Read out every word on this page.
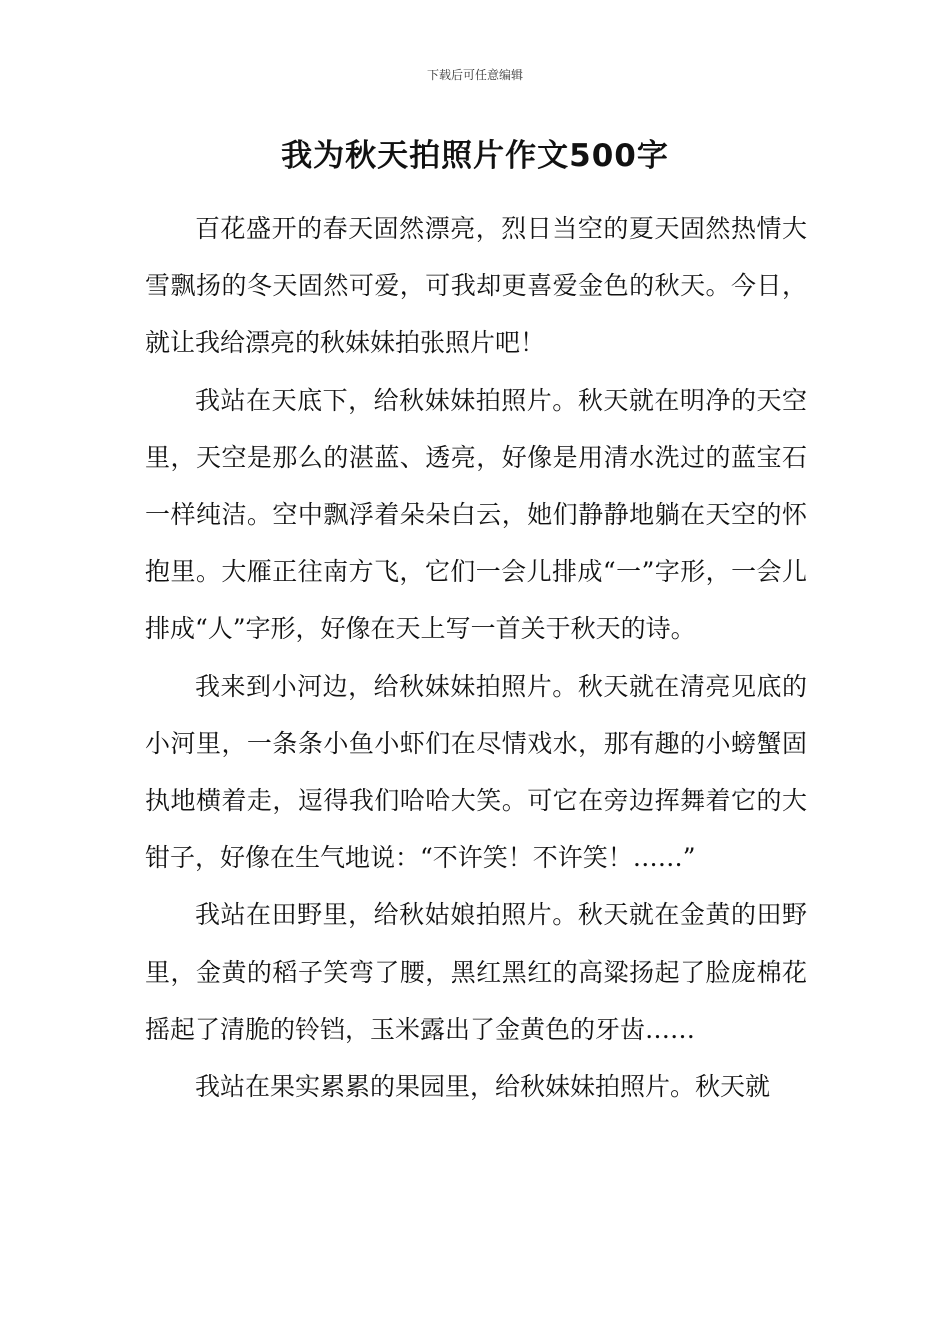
下载后可任意编辑
我为秋天拍照片作文500字

百花盛开的春天固然漂亮，烈日当空的夏天固然热情大雪飘扬的冬天固然可爱，可我却更喜爱金色的秋天。今日，就让我给漂亮的秋妹妹拍张照片吧！

我站在天底下，给秋妹妹拍照片。秋天就在明净的天空里，天空是那么的湛蓝、透亮，好像是用清水洗过的蓝宝石一样纯洁。空中飘浮着朵朵白云，她们静静地躺在天空的怀抱里。大雁正往南方飞，它们一会儿排成“一”字形，一会儿排成“人”字形，好像在天上写一首关于秋天的诗。

我来到小河边，给秋妹妹拍照片。秋天就在清亮见底的小河里，一条条小鱼小虾们在尽情戏水，那有趣的小螃蟹固执地横着走，逗得我们哈哈大笑。可它在旁边挥舞着它的大钳子，好像在生气地说：“不许笑！不许笑！……”

我站在田野里，给秋姑娘拍照片。秋天就在金黄的田野里，金黄的稻子笑弯了腰，黑红黑红的高粱扬起了脸庞棉花摇起了清脆的铃铛，玉米露出了金黄色的牙齿……

我站在果实累累的果园里，给秋妹妹拍照片。秋天就
